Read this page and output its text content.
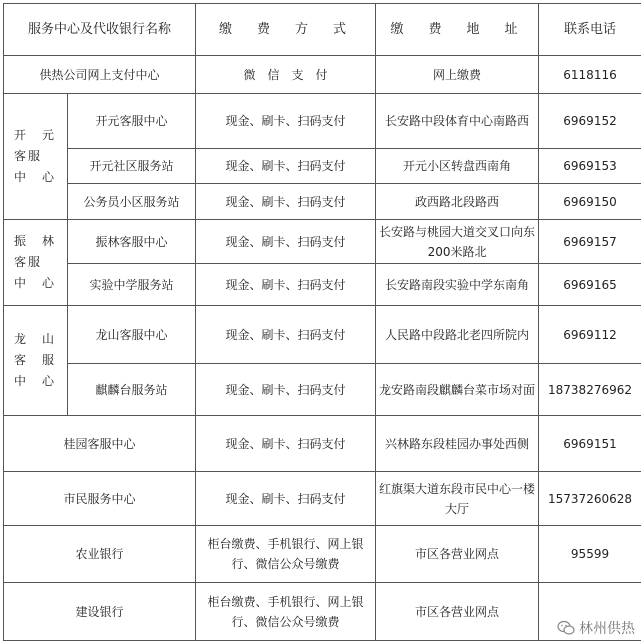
服务中心及代收银行名称		缴　费　方　式	缴　费　地　址	联系电话
供热公司网上支付中心		微　信　支　付	网上缴费	6118116

开　元
客服
中　心	开元客服中心	现金、刷卡、扫码支付	长安路中段体育中心南路西	6969152
	开元社区服务站	现金、刷卡、扫码支付	开元小区转盘西南角	6969153
	公务员小区服务站	现金、刷卡、扫码支付	政西路北段路西	6969150

振　林
客服
中　心	振林客服中心	现金、刷卡、扫码支付	长安路与桃园大道交叉口向东200米路北	6969157
	实验中学服务站	现金、刷卡、扫码支付	长安路南段实验中学东南角	6969165

龙　山
客　服
中　心	龙山客服中心	现金、刷卡、扫码支付	人民路中段路北老四所院内	6969112
	麒麟台服务站	现金、刷卡、扫码支付	龙安路南段麒麟台菜市场对面	18738276962
桂园客服中心		现金、刷卡、扫码支付	兴林路东段桂园办事处西侧	6969151
市民服务中心		现金、刷卡、扫码支付	红旗渠大道东段市民中心一楼大厅	15737260628
农业银行		柜台缴费、手机银行、网上银行、微信公众号缴费	市区各营业网点	95599
建设银行		柜台缴费、手机银行、网上银行、微信公众号缴费	市区各营业网点	
林州供热
